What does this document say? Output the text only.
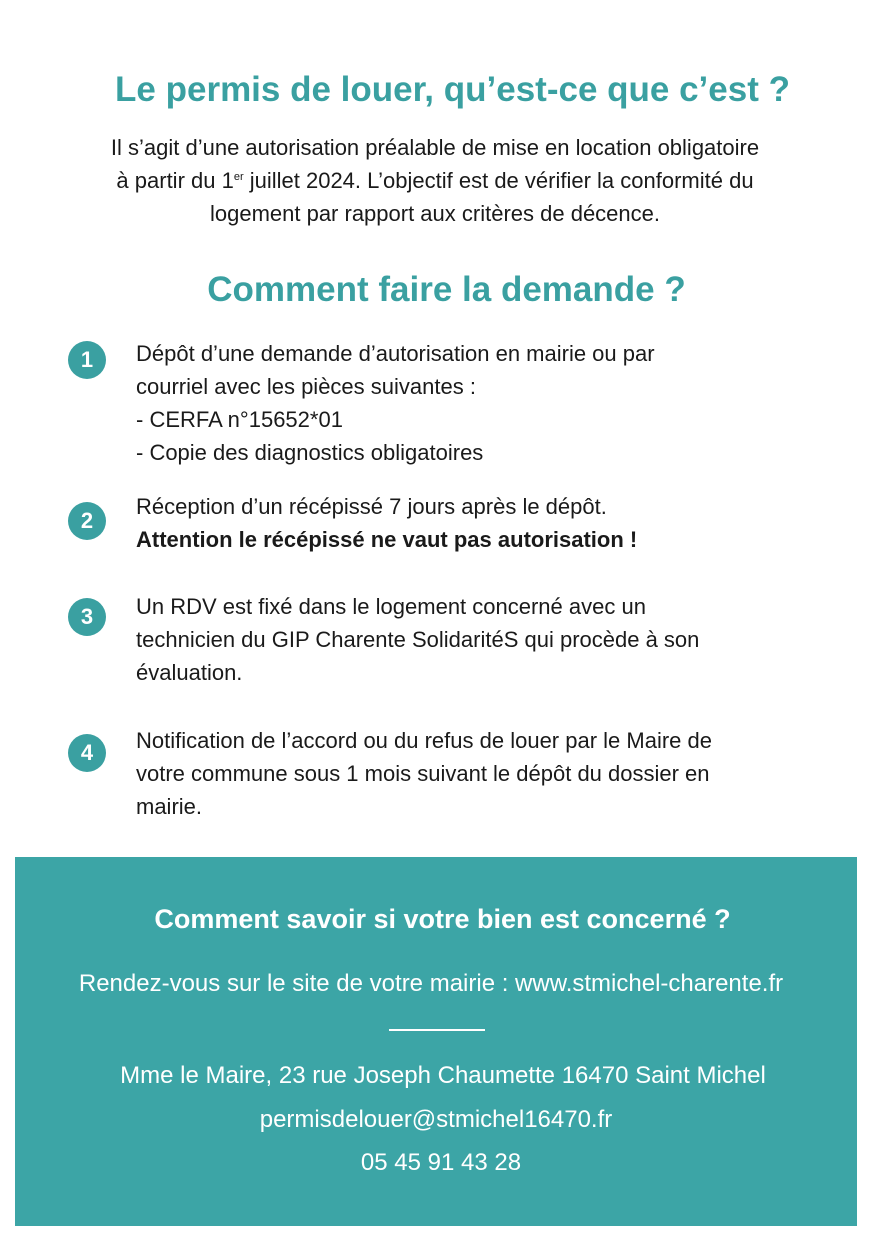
Le permis de louer, qu’est-ce que c’est ?
Il s’agit d’une autorisation préalable de mise en location obligatoire
à partir du 1er juillet 2024. L’objectif est de vérifier la conformité du
logement par rapport aux critères de décence.
Comment faire la demande ?
1	Dépôt d’une demande d’autorisation en mairie ou par
courriel avec les pièces suivantes :
- CERFA n°15652*01
- Copie des diagnostics obligatoires
2
Réception d’un récépissé 7 jours après le dépôt.
Attention le récépissé ne vaut pas autorisation !
3	Un RDV est fixé dans le logement concerné avec un
technicien du GIP Charente SolidaritéS qui procède à son
évaluation.
4	Notification de l’accord ou du refus de louer par le Maire de
votre commune sous 1 mois suivant le dépôt du dossier en
mairie.
Comment savoir si votre bien est concerné ?
Rendez-vous sur le site de votre mairie : www.stmichel-charente.fr
Mme le Maire, 23 rue Joseph Chaumette 16470 Saint Michel
permisdelouer@stmichel16470.fr
05 45 91 43 28
